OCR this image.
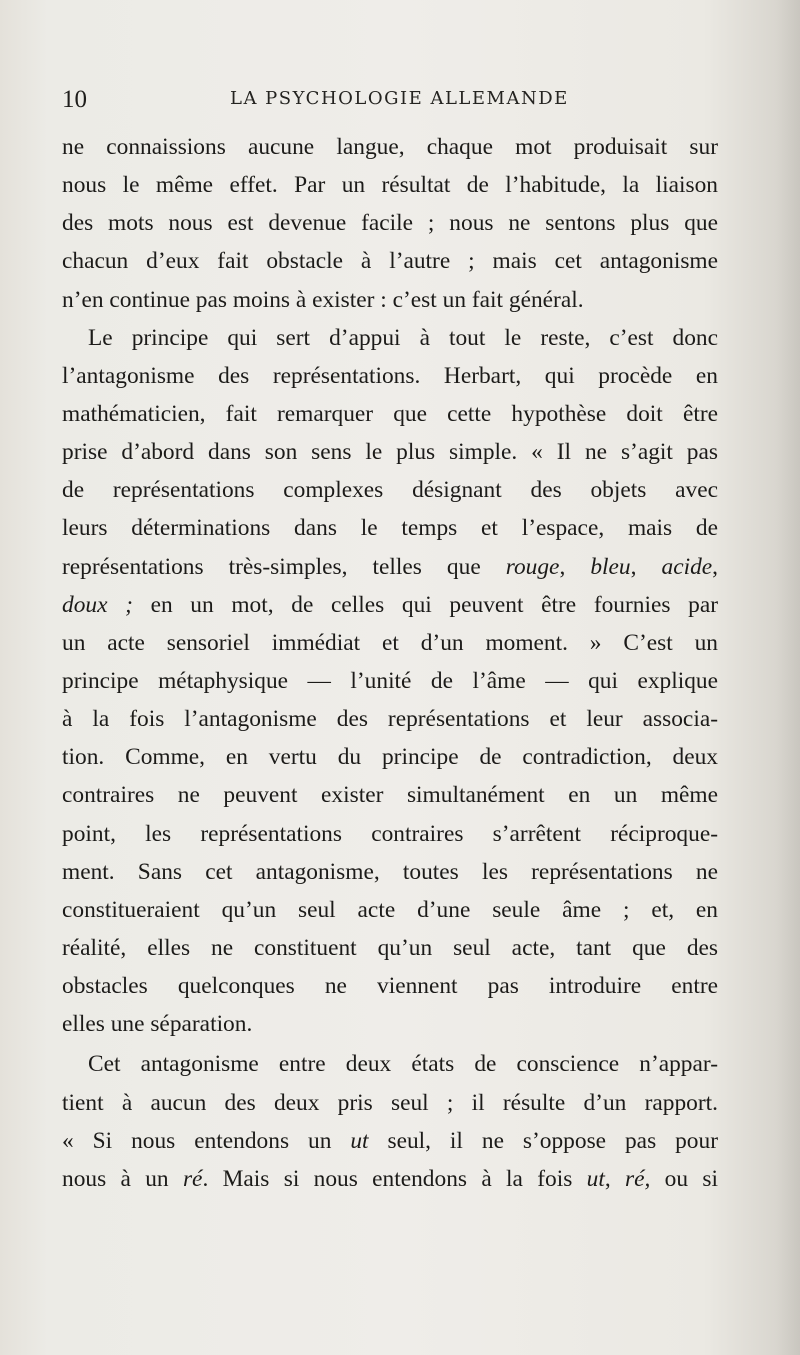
10	LA PSYCHOLOGIE ALLEMANDE
ne connaissions aucune langue, chaque mot produisait sur
nous le même effet. Par un résultat de l’habitude, la liaison
des mots nous est devenue facile ; nous ne sentons plus que
chacun d’eux fait obstacle à l’autre ; mais cet antagonisme
n’en continue pas moins à exister : c’est un fait général.
Le principe qui sert d’appui à tout le reste, c’est donc
l’antagonisme des représentations. Herbart, qui procède en
mathématicien, fait remarquer que cette hypothèse doit être
prise d’abord dans son sens le plus simple. « Il ne s’agit pas
de représentations complexes désignant des objets avec
leurs déterminations dans le temps et l’espace, mais de
représentations très-simples, telles que rouge, bleu, acide,
doux ; en un mot, de celles qui peuvent être fournies par
un acte sensoriel immédiat et d’un moment. » C’est un
principe métaphysique — l’unité de l’âme — qui explique
à la fois l’antagonisme des représentations et leur associa-
tion. Comme, en vertu du principe de contradiction, deux
contraires ne peuvent exister simultanément en un même
point, les représentations contraires s’arrêtent réciproque-
ment. Sans cet antagonisme, toutes les représentations ne
constitueraient qu’un seul acte d’une seule âme ; et, en
réalité, elles ne constituent qu’un seul acte, tant que des
obstacles quelconques ne viennent pas introduire entre
elles une séparation.
Cet antagonisme entre deux états de conscience n’appar-
tient à aucun des deux pris seul ; il résulte d’un rapport.
« Si nous entendons un ut seul, il ne s’oppose pas pour
nous à un ré. Mais si nous entendons à la fois ut, ré, ou si
